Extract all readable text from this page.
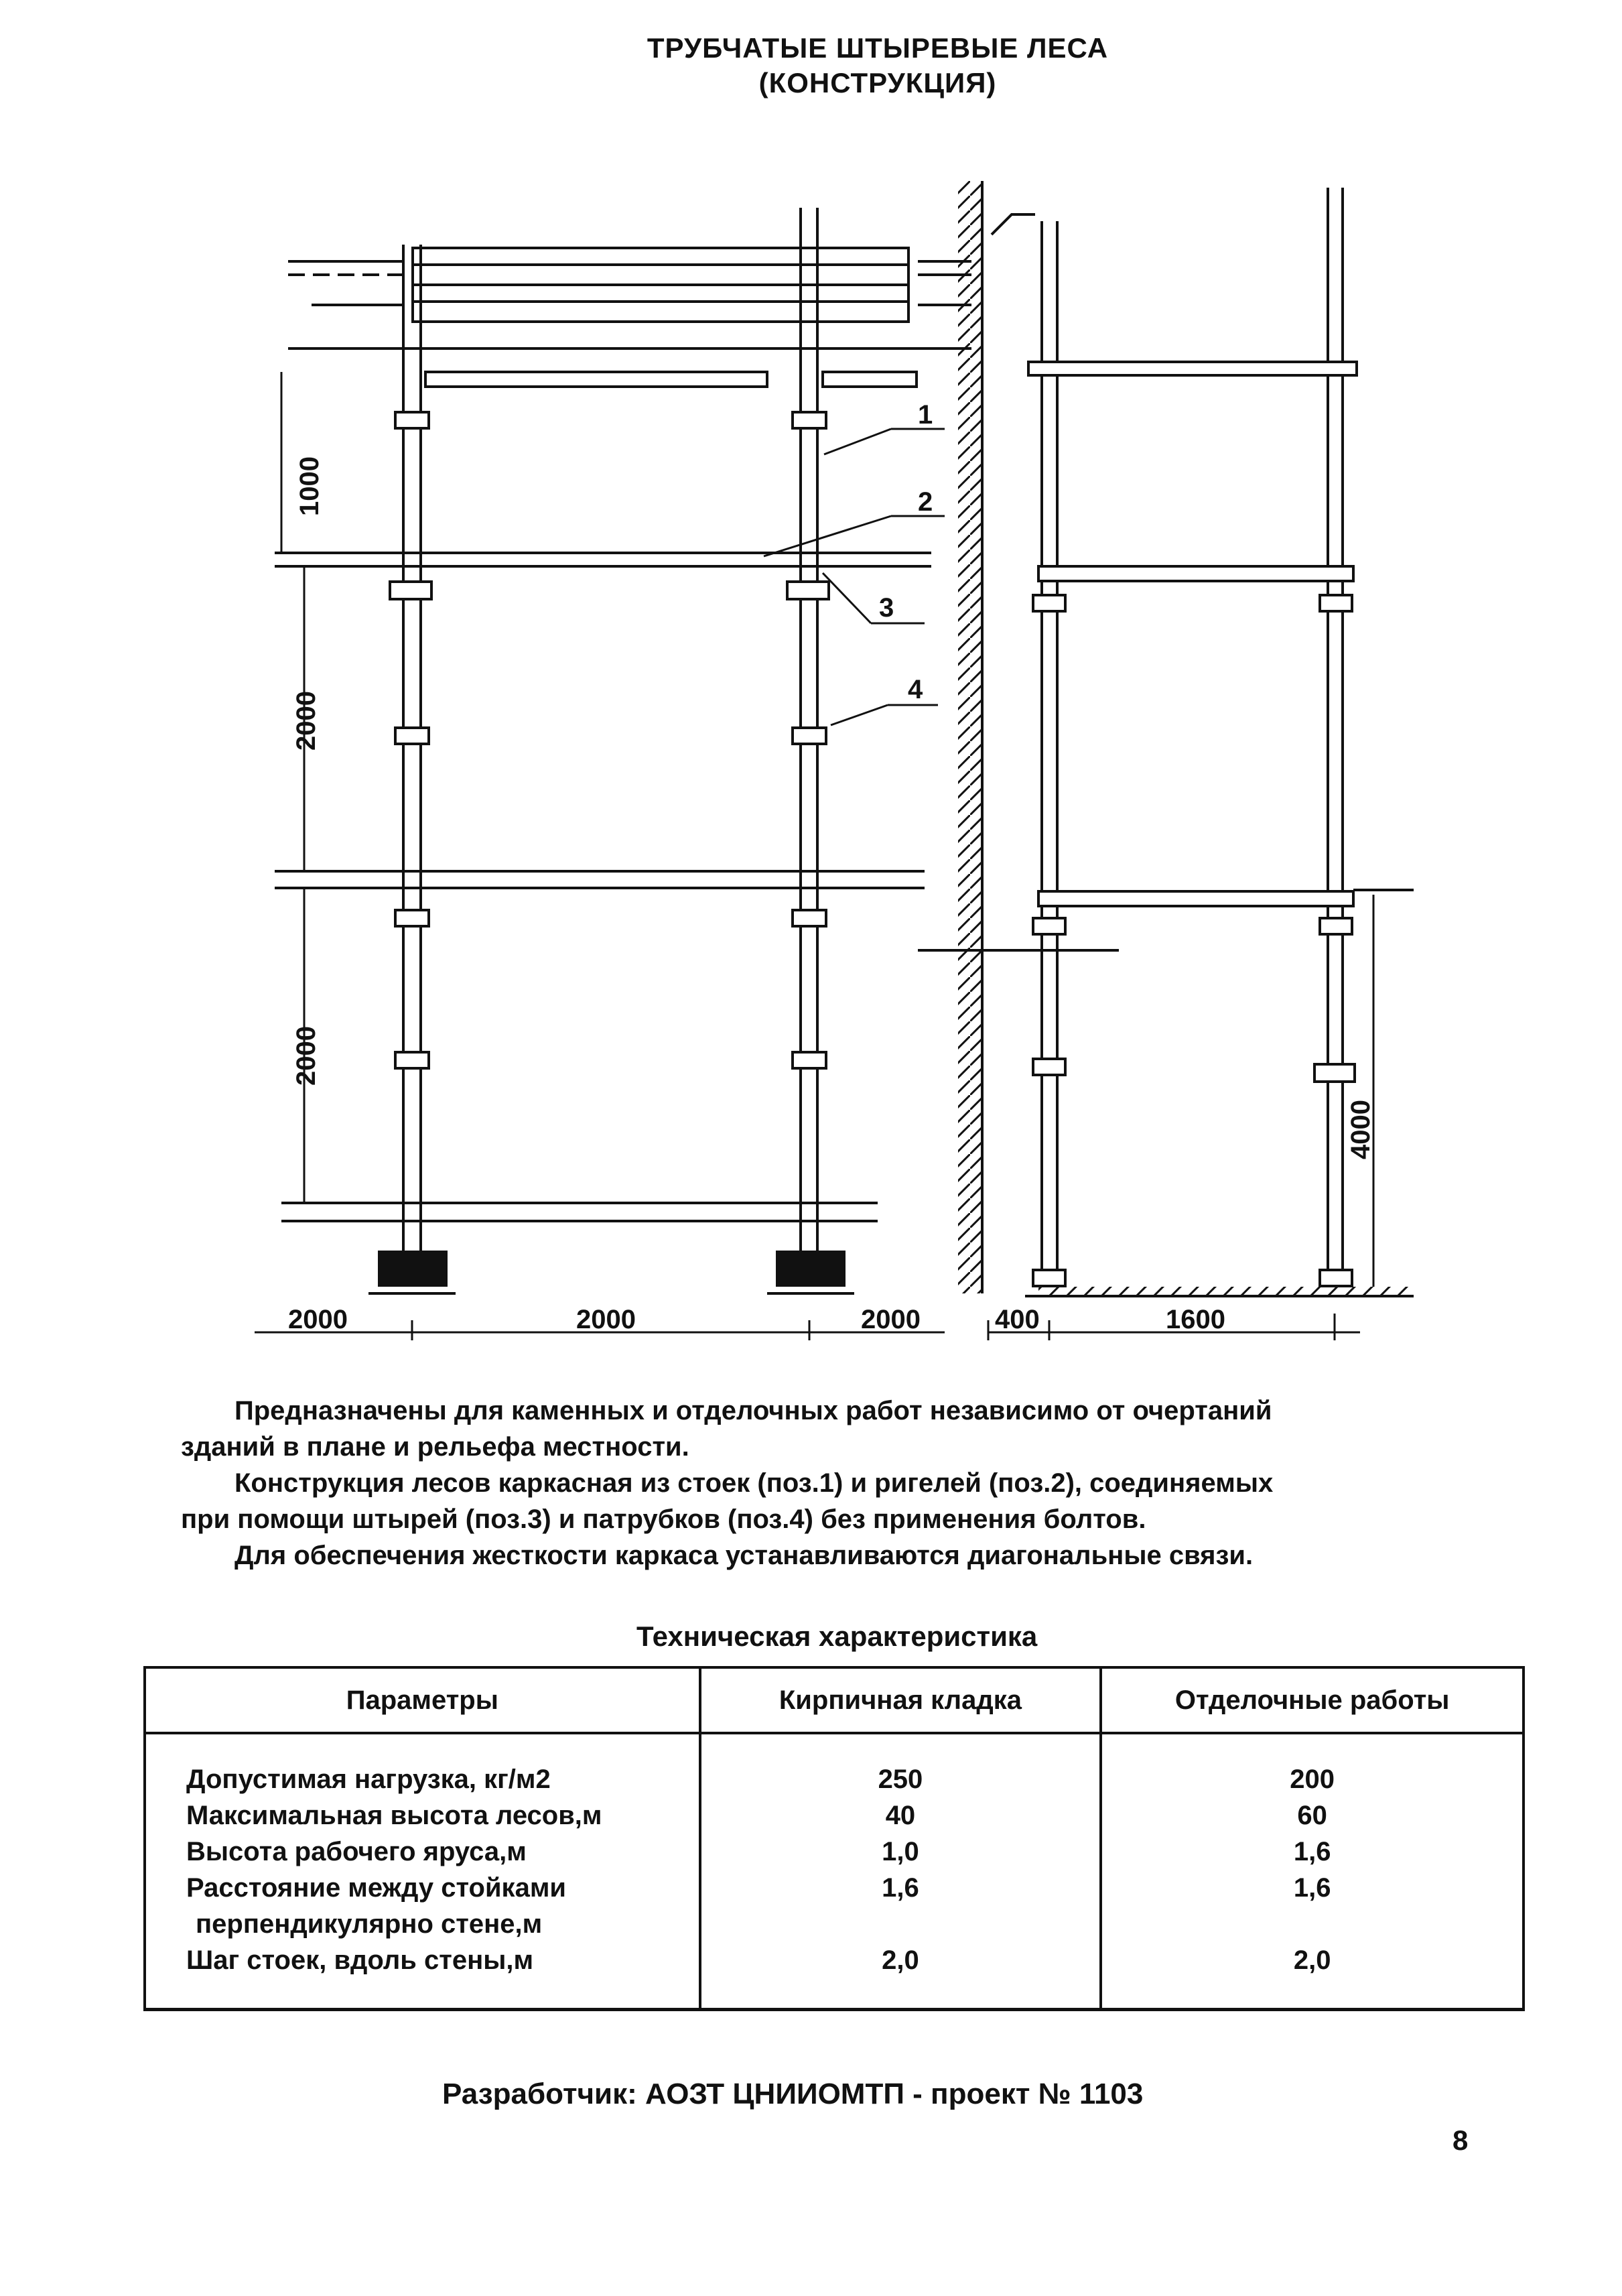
ТРУБЧАТЫЕ ШТЫРЕВЫЕ ЛЕСА
(КОНСТРУКЦИЯ)
1
2
3
4
1000
2000
2000
4000
2000	2000	2000	400	1600

Предназначены для каменных и отделочных работ независимо от очертаний

зданий в плане и рельефа местности.

Конструкция лесов каркасная из стоек (поз.1) и ригелей (поз.2), соединяемых

при помощи штырей (поз.3) и патрубков (поз.4) без применения болтов.

Для обеспечения жесткости каркаса устанавливаются диагональные связи.

Техническая характеристика
Параметры	Кирпичная кладка	Отделочные работы
Допустимая нагрузка, кг/м2	250	200
Максимальная высота лесов,м	40	60
Высота рабочего яруса,м	1,0	1,6

Расстояние между стойками
перпендикулярно стене,м	1,6	1,6
Шаг стоек, вдоль стены,м	2,0	2,0
Разработчик: АОЗТ ЦНИИОМТП - проект № 1103
8
